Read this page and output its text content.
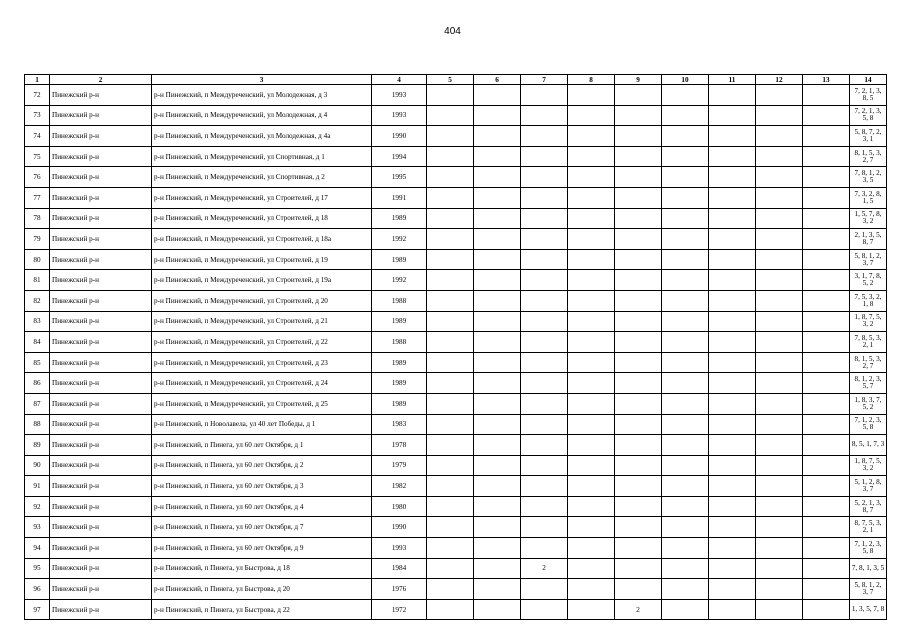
404
1	2	3	4	5	6	7	8	9	10	11	12	13	14
72	Пинежский р-н	р-н Пинежский, п Междуреченский, ул Молодежная, д 3	1993										7, 2, 1, 3, 8, 5
73	Пинежский р-н	р-н Пинежский, п Междуреченский, ул Молодежная, д 4	1993										7, 2, 1, 3, 5, 8
74	Пинежский р-н	р-н Пинежский, п Междуреченский, ул Молодежная, д 4а	1990										5, 8, 7, 2, 3, 1
75	Пинежский р-н	р-н Пинежский, п Междуреченский, ул Спортивная, д 1	1994										8, 1, 5, 3, 2, 7
76	Пинежский р-н	р-н Пинежский, п Междуреченский, ул Спортивная, д 2	1995										7, 8, 1, 2, 3, 5
77	Пинежский р-н	р-н Пинежский, п Междуреченский, ул Строителей, д 17	1991										7, 3, 2, 8, 1, 5
78	Пинежский р-н	р-н Пинежский, п Междуреченский, ул Строителей, д 18	1989										1, 5, 7, 8, 3, 2
79	Пинежский р-н	р-н Пинежский, п Междуреченский, ул Строителей, д 18а	1992										2, 1, 3, 5, 8, 7
80	Пинежский р-н	р-н Пинежский, п Междуреченский, ул Строителей, д 19	1989										5, 8, 1, 2, 3, 7
81	Пинежский р-н	р-н Пинежский, п Междуреченский, ул Строителей, д 19а	1992										3, 1, 7, 8, 5, 2
82	Пинежский р-н	р-н Пинежский, п Междуреченский, ул Строителей, д 20	1988										7, 5, 3, 2, 1, 8
83	Пинежский р-н	р-н Пинежский, п Междуреченский, ул Строителей, д 21	1989										1, 8, 7, 5, 3, 2
84	Пинежский р-н	р-н Пинежский, п Междуреченский, ул Строителей, д 22	1988										7, 8, 5, 3, 2, 1
85	Пинежский р-н	р-н Пинежский, п Междуреченский, ул Строителей, д 23	1989										8, 1, 5, 3, 2, 7
86	Пинежский р-н	р-н Пинежский, п Междуреченский, ул Строителей, д 24	1989										8, 1, 2, 3, 5, 7
87	Пинежский р-н	р-н Пинежский, п Междуреченский, ул Строителей, д 25	1989										1, 8, 3, 7, 5, 2
88	Пинежский р-н	р-н Пинежский, п Новолавела, ул 40 лет Победы, д 1	1983										7, 1, 2, 3, 5, 8
89	Пинежский р-н	р-н Пинежский, п Пинега, ул 60 лет Октября, д 1	1978										8, 5, 1, 7, 3
90	Пинежский р-н	р-н Пинежский, п Пинега, ул 60 лет Октября, д 2	1979										1, 8, 7, 5, 3, 2
91	Пинежский р-н	р-н Пинежский, п Пинега, ул 60 лет Октября, д 3	1982										5, 1, 2, 8, 3, 7
92	Пинежский р-н	р-н Пинежский, п Пинега, ул 60 лет Октября, д 4	1980										5, 2, 1, 3, 8, 7
93	Пинежский р-н	р-н Пинежский, п Пинега, ул 60 лет Октября, д 7	1990										8, 7, 5, 3, 2, 1
94	Пинежский р-н	р-н Пинежский, п Пинега, ул 60 лет Октября, д 9	1993										7, 1, 2, 3, 5, 8
95	Пинежский р-н	р-н Пинежский, п Пинега, ул Быстрова, д 18	1984			2							7, 8, 1, 3, 5
96	Пинежский р-н	р-н Пинежский, п Пинега, ул Быстрова, д 20	1976										5, 8, 1, 2, 3, 7
97	Пинежский р-н	р-н Пинежский, п Пинега, ул Быстрова, д 22	1972					2					1, 3, 5, 7, 8
